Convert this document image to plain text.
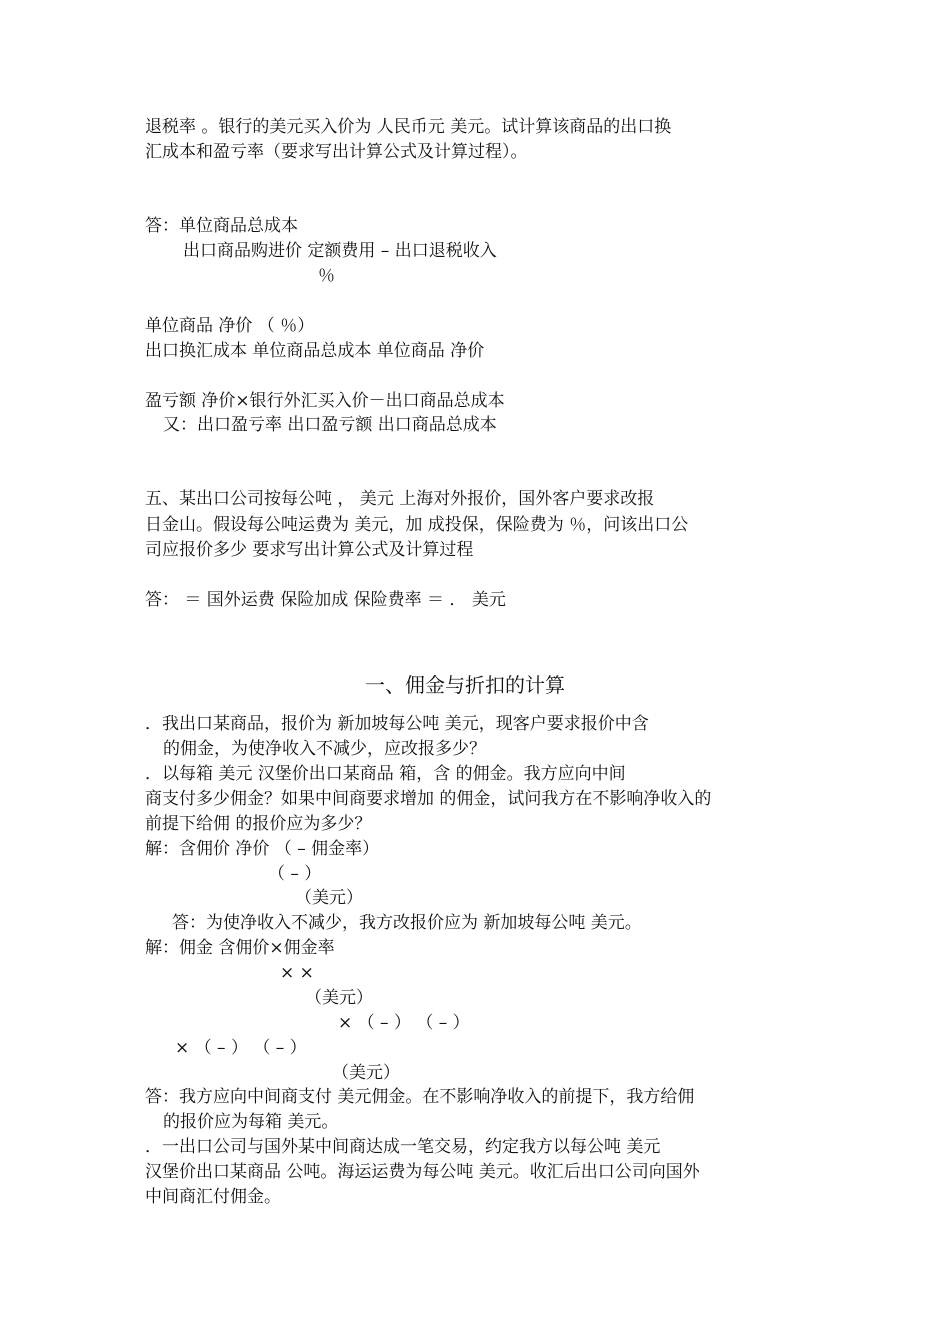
退税率 。银行的美元买入价为 人民币元 美元。试计算该商品的出口换
汇成本和盈亏率（要求写出计算公式及计算过程）。
答：单位商品总成本
出口商品购进价 定额费用 – 出口退税收入
％
单位商品 净价 （ ％）
出口换汇成本 单位商品总成本 单位商品 净价
盈亏额 净价×银行外汇买入价－出口商品总成本
又：出口盈亏率 出口盈亏额 出口商品总成本
五、某出口公司按每公吨 ， 美元 上海对外报价，国外客户要求改报
日金山。假设每公吨运费为 美元，加 成投保，保险费为 ％，问该出口公
司应报价多少 要求写出计算公式及计算过程
答： ＝ 国外运费 保险加成 保险费率 ＝ ． 美元
一、佣金与折扣的计算
．我出口某商品，报价为 新加坡每公吨 美元，现客户要求报价中含
的佣金，为使净收入不减少，应改报多少？
．以每箱 美元 汉堡价出口某商品 箱，含 的佣金。我方应向中间
商支付多少佣金？如果中间商要求增加 的佣金，试问我方在不影响净收入的
前提下给佣 的报价应为多少？
解：含佣价 净价 （ – 佣金率）
（ – ）
（美元）
答：为使净收入不减少，我方改报价应为 新加坡每公吨 美元。
解：佣金 含佣价×佣金率
× ×
（美元）
× （ – ） （ – ）
× （ – ） （ – ）
（美元）
答：我方应向中间商支付 美元佣金。在不影响净收入的前提下，我方给佣
的报价应为每箱 美元。
．一出口公司与国外某中间商达成一笔交易，约定我方以每公吨 美元
汉堡价出口某商品 公吨。海运运费为每公吨 美元。收汇后出口公司向国外
中间商汇付佣金。
